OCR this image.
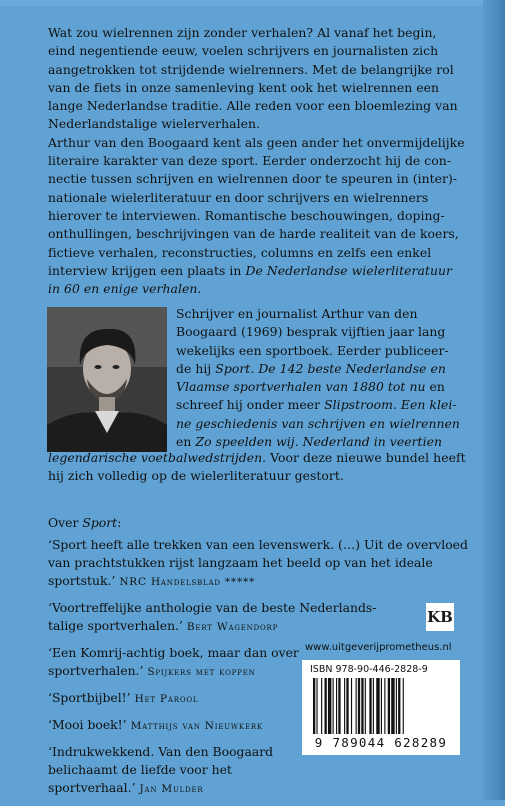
Wat zou wielrennen zijn zonder verhalen? Al vanaf het begin,
eind negentiende eeuw, voelen schrijvers en journalisten zich
aangetrokken tot strijdende wielrenners. Met de belangrijke rol
van de fiets in onze samenleving kent ook het wielrennen een
lange Nederlandse traditie. Alle reden voor een bloemlezing van
Nederlandstalige wielerverhalen.
Arthur van den Boogaard kent als geen ander het onvermijdelijke
literaire karakter van deze sport. Eerder onderzocht hij de con-
nectie tussen schrijven en wielrennen door te speuren in (inter)-
nationale wielerliteratuur en door schrijvers en wielrenners
hierover te interviewen. Romantische beschouwingen, doping-
onthullingen, beschrijvingen van de harde realiteit van de koers,
fictieve verhalen, reconstructies, columns en zelfs een enkel
interview krijgen een plaats in De Nederlandse wielerliteratuur
in 60 en enige verhalen.
Schrijver en journalist Arthur van den
Boogaard (1969) besprak vijftien jaar lang
wekelijks een sportboek. Eerder publiceer-
de hij Sport. De 142 beste Nederlandse en
Vlaamse sportverhalen van 1880 tot nu en
schreef hij onder meer Slipstroom. Een klei-
ne geschiedenis van schrijven en wielrennen
en Zo speelden wij. Nederland in veertien
legendarische voetbalwedstrijden. Voor deze nieuwe bundel heeft
hij zich volledig op de wielerliteratuur gestort.
Over Sport:
‘Sport heeft alle trekken van een levenswerk. (…) Uit de overvloed
van prachtstukken rijst langzaam het beeld op van het ideale
sportstuk.’ NRC Handelsblad *****
‘Voortreffelijke anthologie van de beste Nederlands-
talige sportverhalen.’ Bert Wagendorp
‘Een Komrij-achtig boek, maar dan over
sportverhalen.’ Spijkers met koppen
‘Sportbijbel!’ Het Parool
‘Mooi boek!’ Matthijs van Nieuwkerk
‘Indrukwekkend. Van den Boogaard
belichaamt de liefde voor het
sportverhaal.’ Jan Mulder
KB
www.uitgeverijprometheus.nl
ISBN 978-90-446-2828-9
9 789044 628289
